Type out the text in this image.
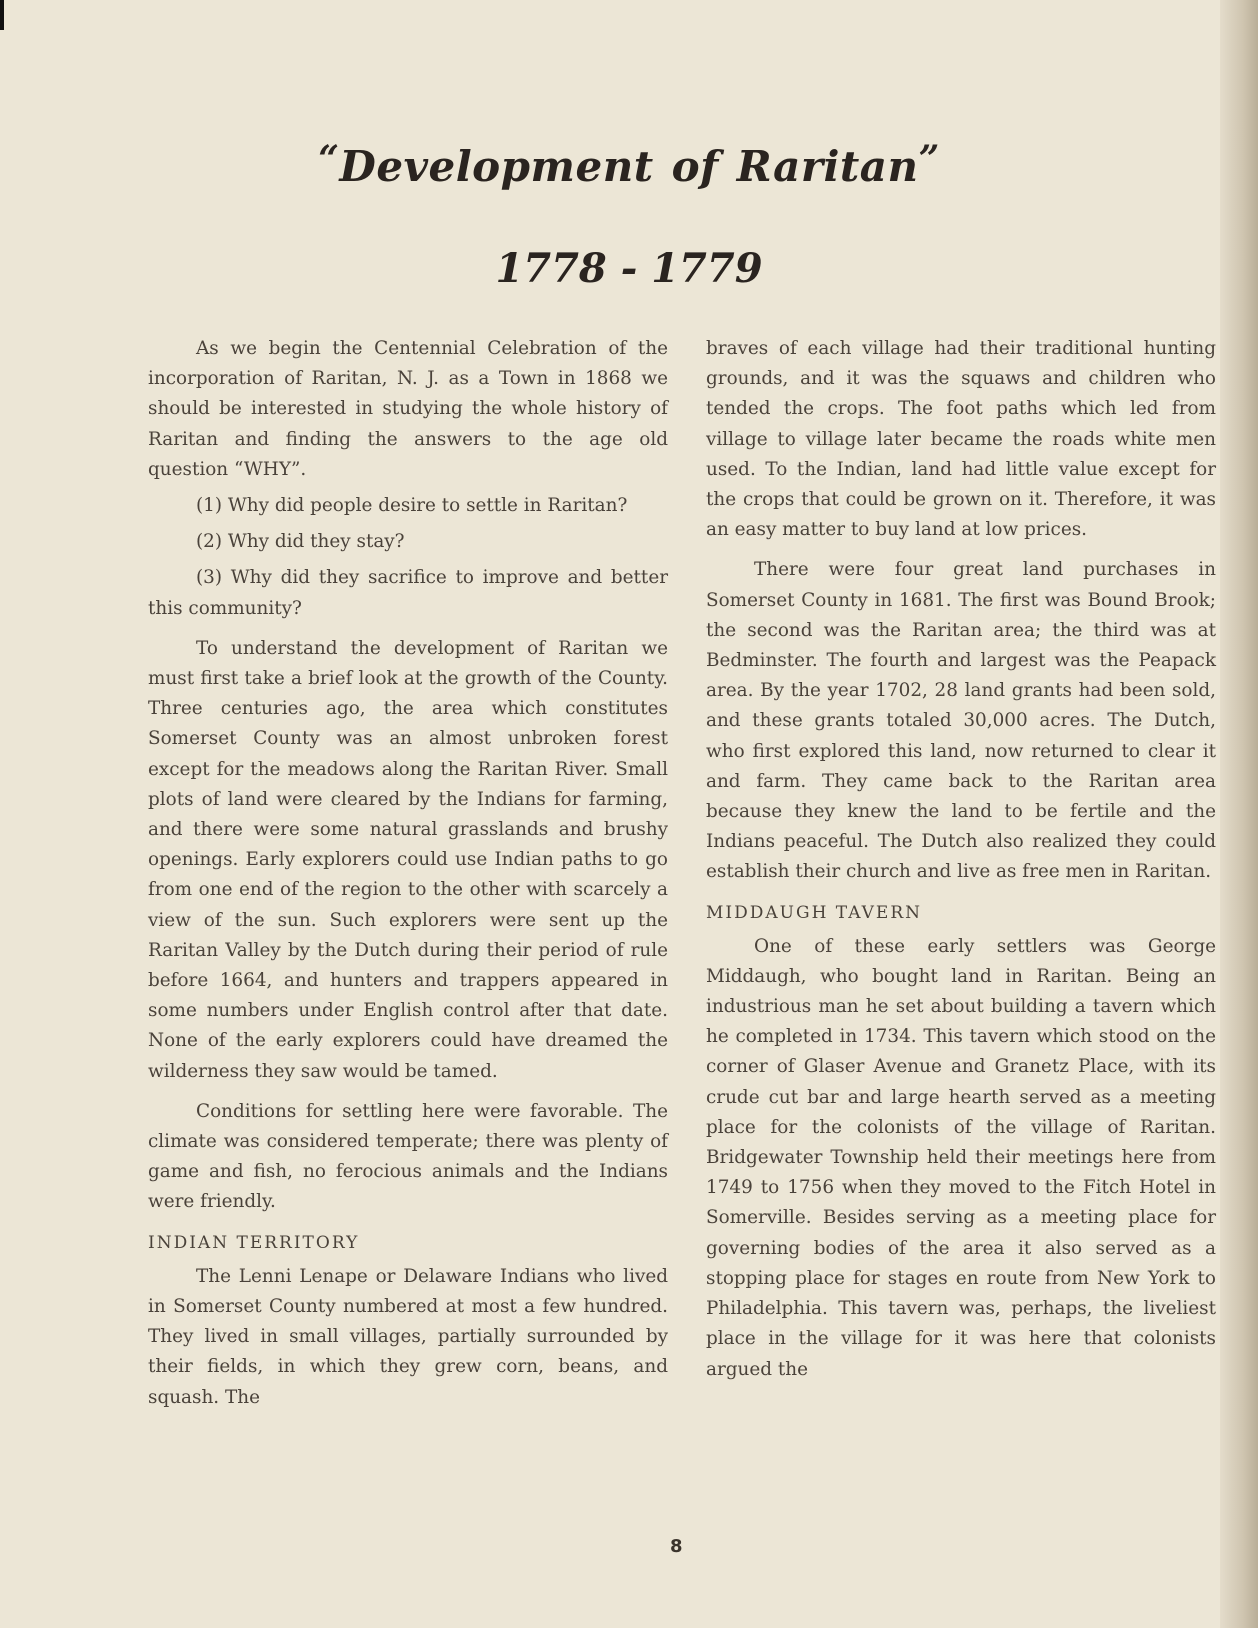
“Development of Raritan”
1778 - 1779

As we begin the Centennial Celebration of the incorporation of Raritan, N. J. as a Town in 1868 we should be interested in studying the whole history of Raritan and finding the answers to the age old question “WHY”.

(1) Why did people desire to settle in Raritan?

(2) Why did they stay?

(3) Why did they sacrifice to improve and better this community?

To understand the development of Raritan we must first take a brief look at the growth of the County. Three centuries ago, the area which constitutes Somerset County was an almost unbroken forest except for the meadows along the Raritan River. Small plots of land were cleared by the Indians for farming, and there were some natural grasslands and brushy openings. Early explorers could use Indian paths to go from one end of the region to the other with scarcely a view of the sun. Such explorers were sent up the Raritan Valley by the Dutch during their period of rule before 1664, and hunters and trappers appeared in some numbers under English control after that date. None of the early explorers could have dreamed the wilderness they saw would be tamed.

Conditions for settling here were favorable. The climate was considered temperate; there was plenty of game and fish, no ferocious animals and the Indians were friendly.

INDIAN TERRITORY

The Lenni Lenape or Delaware Indians who lived in Somerset County numbered at most a few hundred. They lived in small villages, partially surrounded by their fields, in which they grew corn, beans, and squash. The

braves of each village had their traditional hunting grounds, and it was the squaws and children who tended the crops. The foot paths which led from village to village later became the roads white men used. To the Indian, land had little value except for the crops that could be grown on it. Therefore, it was an easy matter to buy land at low prices.

There were four great land purchases in Somerset County in 1681. The first was Bound Brook; the second was the Raritan area; the third was at Bedminster. The fourth and largest was the Peapack area. By the year 1702, 28 land grants had been sold, and these grants totaled 30,000 acres. The Dutch, who first explored this land, now returned to clear it and farm. They came back to the Raritan area because they knew the land to be fertile and the Indians peaceful. The Dutch also realized they could establish their church and live as free men in Raritan.

MIDDAUGH TAVERN

One of these early settlers was George Middaugh, who bought land in Raritan. Being an industrious man he set about building a tavern which he completed in 1734. This tavern which stood on the corner of Glaser Avenue and Granetz Place, with its crude cut bar and large hearth served as a meeting place for the colonists of the village of Raritan. Bridgewater Township held their meetings here from 1749 to 1756 when they moved to the Fitch Hotel in Somerville. Besides serving as a meeting place for governing bodies of the area it also served as a stopping place for stages en route from New York to Philadelphia. This tavern was, perhaps, the liveliest place in the village for it was here that colonists argued the

8
